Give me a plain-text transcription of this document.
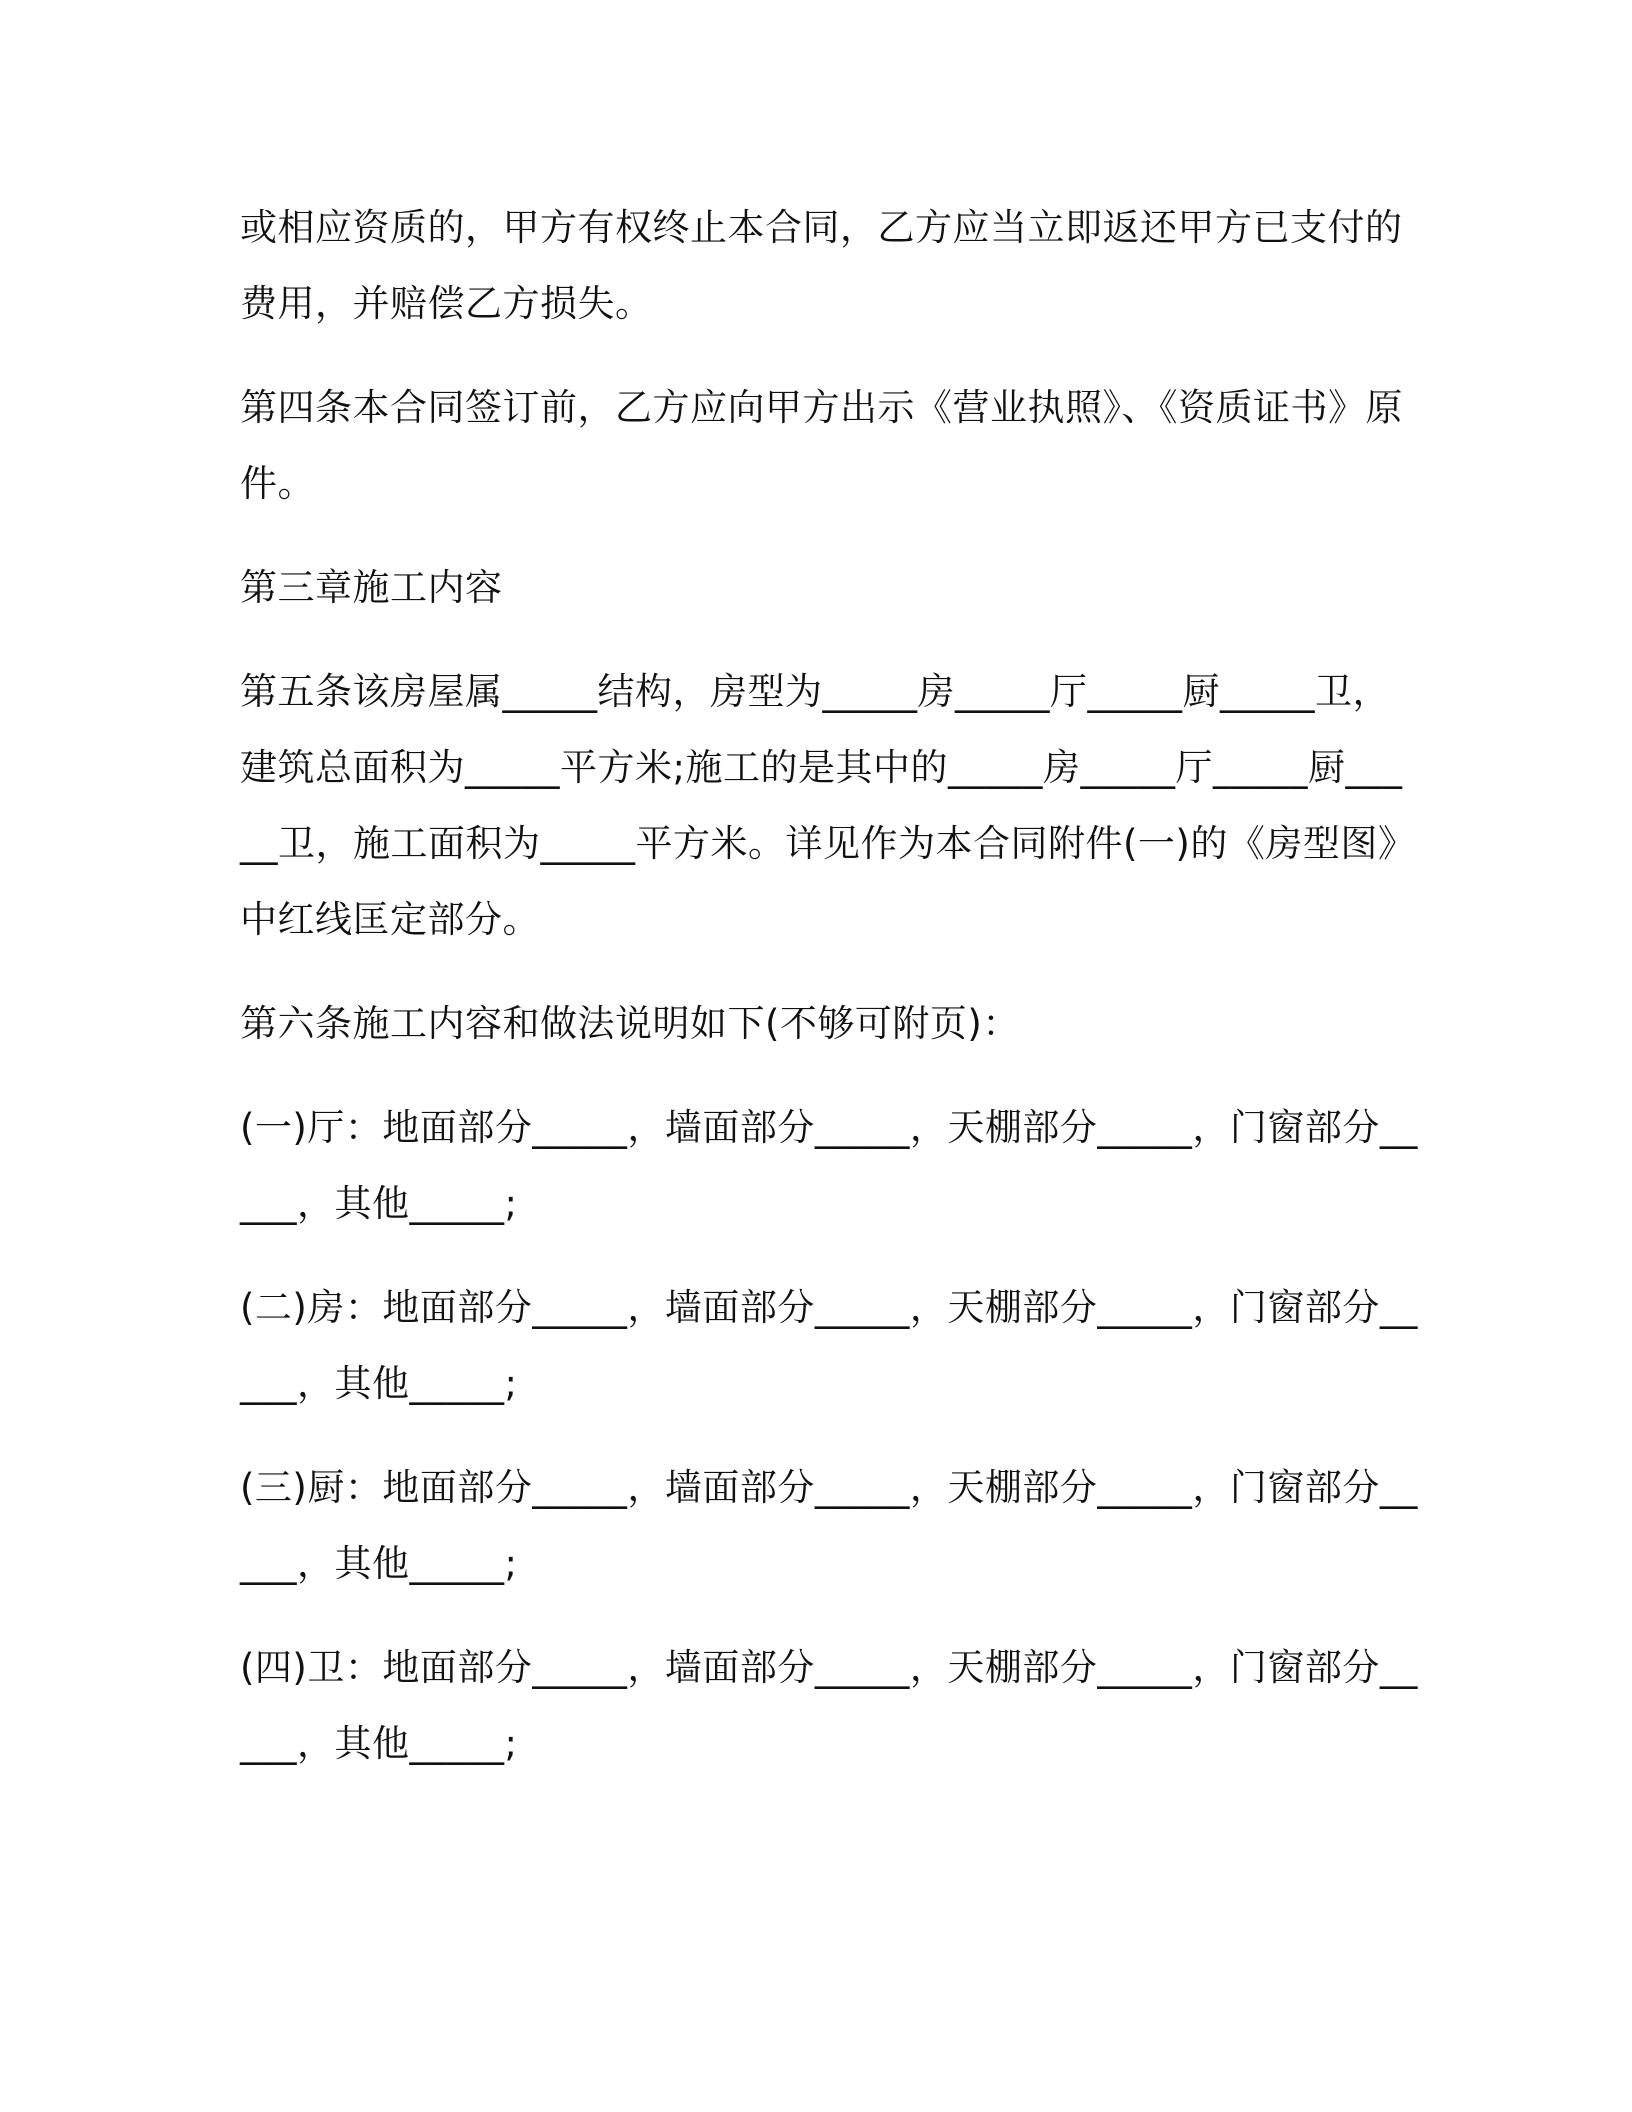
或相应资质的，甲方有权终止本合同，乙方应当立即返还甲方已支付的费用，并赔偿乙方损失。

第四条本合同签订前，乙方应向甲方出示《营业执照》、《资质证书》原件。

第三章施工内容

第五条该房屋属_____结构，房型为_____房_____厅_____厨_____卫，建筑总面积为_____平方米;施工的是其中的_____房_____厅_____厨_____卫，施工面积为_____平方米。详见作为本合同附件(一)的《房型图》中红线匡定部分。

第六条施工内容和做法说明如下(不够可附页)：

(一)厅：地面部分_____，墙面部分_____，天棚部分_____，门窗部分_____，其他_____;

(二)房：地面部分_____，墙面部分_____，天棚部分_____，门窗部分_____，其他_____;

(三)厨：地面部分_____，墙面部分_____，天棚部分_____，门窗部分_____，其他_____;

(四)卫：地面部分_____，墙面部分_____，天棚部分_____，门窗部分_____，其他_____;
